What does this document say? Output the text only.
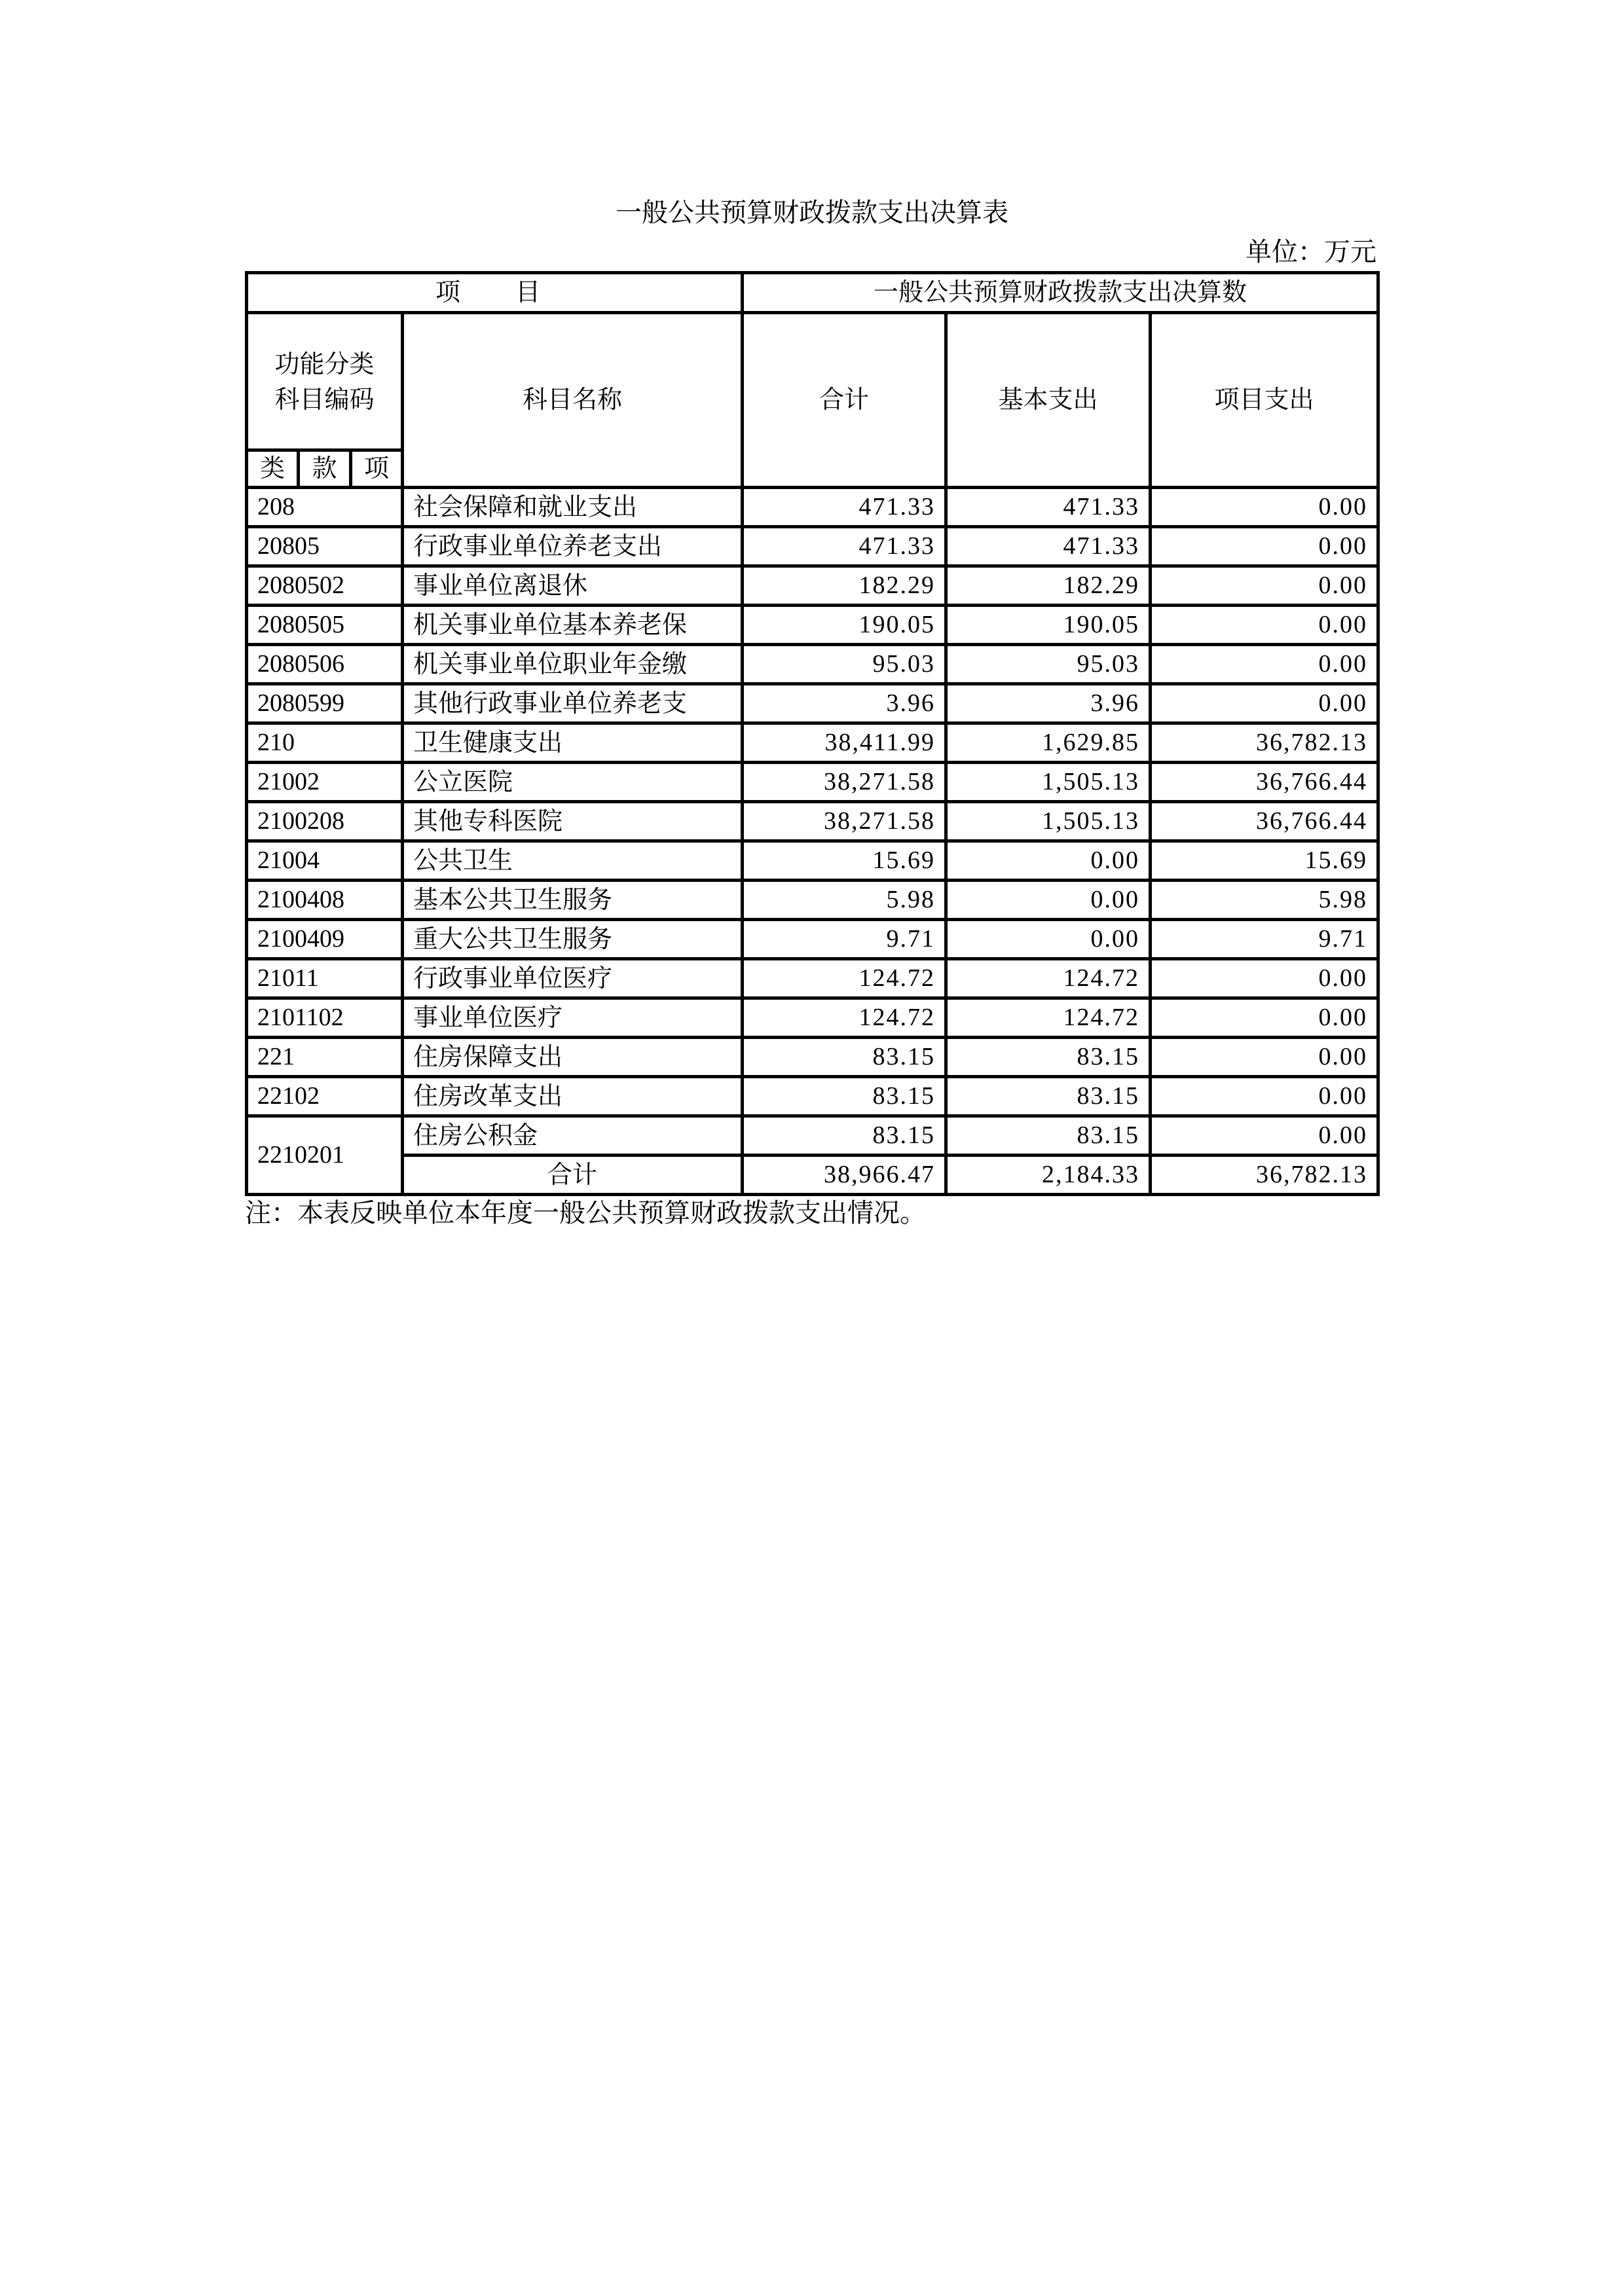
一般公共预算财政拨款支出决算表
单位：万元
项  目				一般公共预算财政拨款支出决算数		

功能分类
科目编码			科目名称	合计	基本支出	项目支出
类	款	项				
208			社会保障和就业支出	471.33	471.33	0.00
20805			行政事业单位养老支出	471.33	471.33	0.00
2080502			事业单位离退休	182.29	182.29	0.00
2080505			机关事业单位基本养老保	190.05	190.05	0.00
2080506			机关事业单位职业年金缴	95.03	95.03	0.00
2080599			其他行政事业单位养老支	3.96	3.96	0.00
210			卫生健康支出	38,411.99	1,629.85	36,782.13
21002			公立医院	38,271.58	1,505.13	36,766.44
2100208			其他专科医院	38,271.58	1,505.13	36,766.44
21004			公共卫生	15.69	0.00	15.69
2100408			基本公共卫生服务	5.98	0.00	5.98
2100409			重大公共卫生服务	9.71	0.00	9.71
21011			行政事业单位医疗	124.72	124.72	0.00
2101102			事业单位医疗	124.72	124.72	0.00
221			住房保障支出	83.15	83.15	0.00
22102			住房改革支出	83.15	83.15	0.00
2210201			住房公积金	83.15	83.15	0.00
			合计	38,966.47	2,184.33	36,782.13
注：本表反映单位本年度一般公共预算财政拨款支出情况。
